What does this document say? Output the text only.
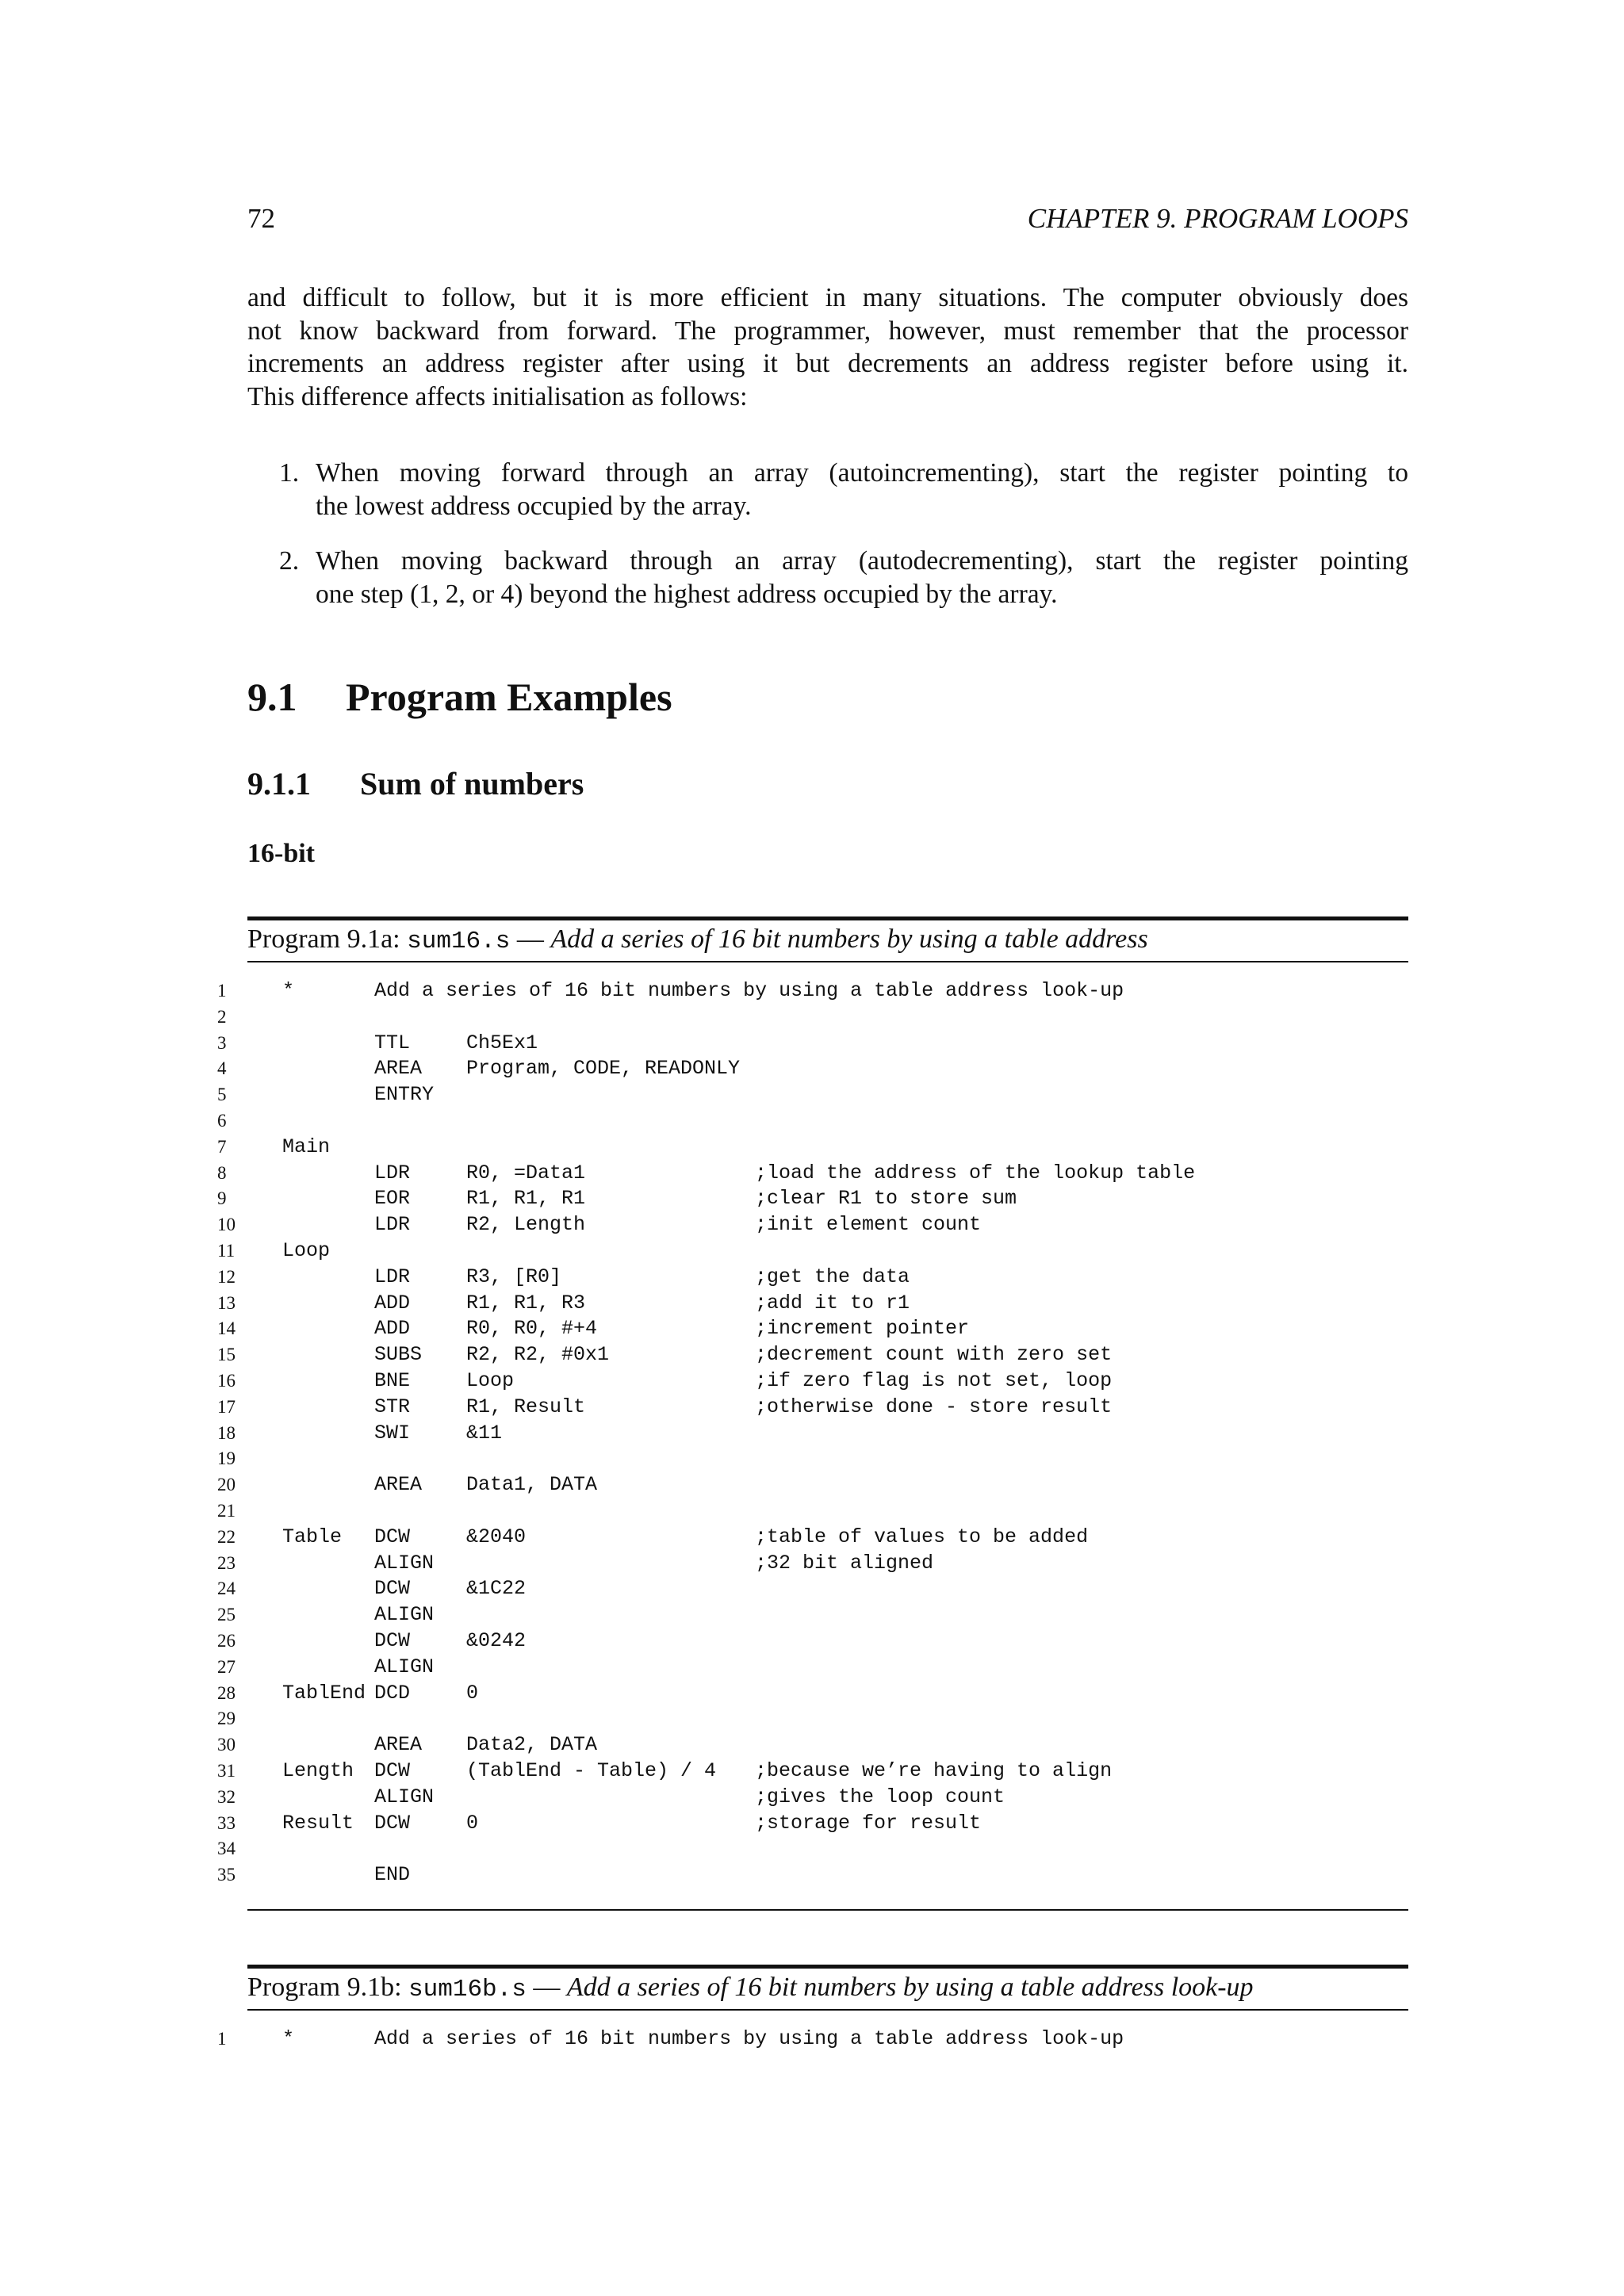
72	CHAPTER 9. PROGRAM LOOPS
and difficult to follow, but it is more efficient in many situations. The computer obviously does
not know backward from forward. The programmer, however, must remember that the processor
increments an address register after using it but decrements an address register before using it.
This difference affects initialisation as follows:
1. When moving forward through an array (autoincrementing), start the register pointing to
the lowest address occupied by the array.
2. When moving backward through an array (autodecrementing), start the register pointing
one step (1, 2, or 4) beyond the highest address occupied by the array.
9.1 Program Examples
9.1.1 Sum of numbers
16-bit
Program 9.1a: sum16.s — Add a series of 16 bit numbers by using a table address
1	*	Add a series of 16 bit numbers by using a table address look-up
2
3	TTL	Ch5Ex1
4	AREA Program, CODE, READONLY
5	ENTRY
6
7	Main
8	LDR	R0, =Data1	;load the address of the lookup table
9	EOR	R1, R1, R1	;clear R1 to store sum
10	LDR	R2, Length	;init element count
11 Loop
12	LDR	R3, [R0]	;get the data
13	ADD	R1, R1, R3	;add it to r1
14	ADD	R0, R0, #+4	;increment pointer
15	SUBS R2, R2, #0x1	;decrement count with zero set
16	BNE	Loop	;if zero flag is not set, loop
17	STR	R1, Result	;otherwise done - store result
18	SWI	&11
19
20	AREA Data1, DATA
21
22 Table DCW	&2040	;table of values to be added
23	ALIGN	;32 bit aligned
24	DCW	&1C22
25	ALIGN
26	DCW	&0242
27	ALIGN
28 TablEnd DCD	0
29
30	AREA Data2, DATA
31 Length DCW	(TablEnd - Table) / 4 ;because we’re having to align
32	ALIGN	;gives the loop count
33 Result DCW	0	;storage for result
34
35	END
Program 9.1b: sum16b.s — Add a series of 16 bit numbers by using a table address look-up
1	*	Add a series of 16 bit numbers by using a table address look-up
